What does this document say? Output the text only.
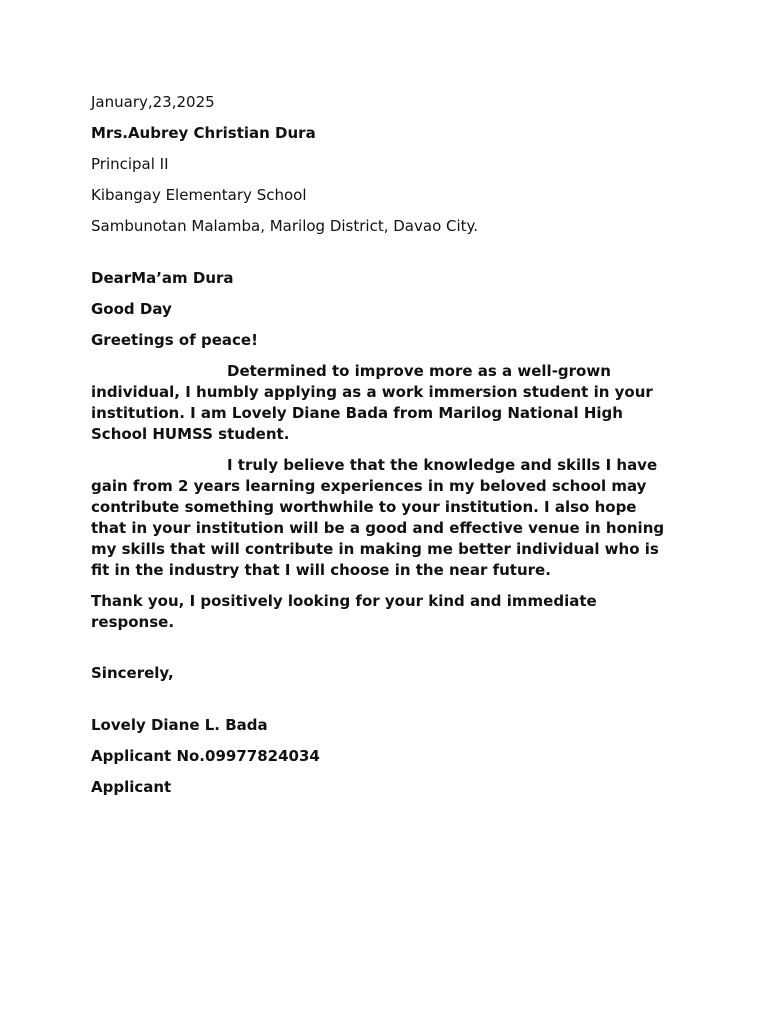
January,23,2025
Mrs.Aubrey Christian Dura
Principal II
Kibangay Elementary School
Sambunotan Malamba, Marilog District, Davao City.
DearMa’am Dura
Good Day
Greetings of peace!

Determined to improve more as a well-grown individual, I humbly applying as a work immersion student in your institution. I am Lovely Diane Bada from Marilog National High School HUMSS student.

I truly believe that the knowledge and skills I have gain from 2 years learning experiences in my beloved school may contribute something worthwhile to your institution. I also hope that in your institution will be a good and effective venue in honing my skills that will contribute in making me better individual who is fit in the industry that I will choose in the near future.

Thank you, I positively looking for your kind and immediate response.

Sincerely,
Lovely Diane L. Bada
Applicant No.09977824034
Applicant
